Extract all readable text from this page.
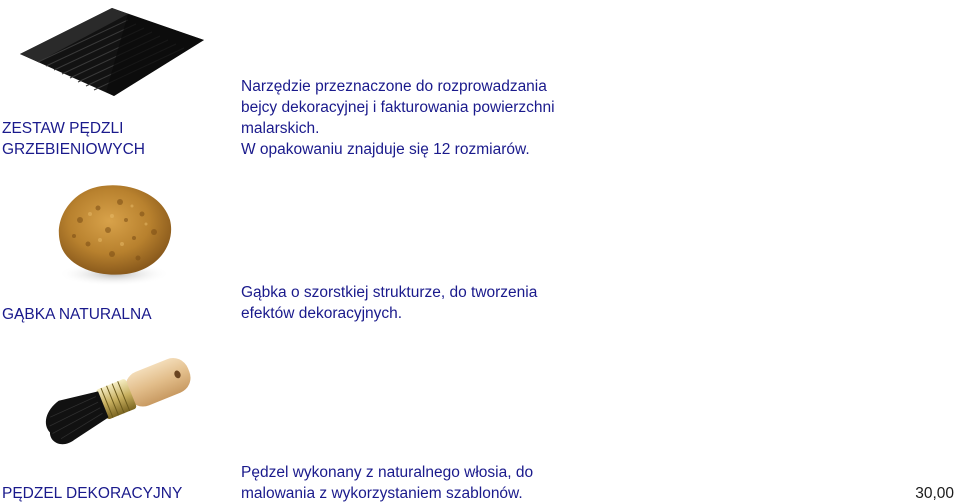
ZESTAW PĘDZLI
GRZEBIENIOWYCH
Narzędzie przeznaczone do rozprowadzania
bejcy dekoracyjnej i fakturowania powierzchni
malarskich.
W opakowaniu znajduje się 12 rozmiarów.
GĄBKA NATURALNA
Gąbka o szorstkiej strukturze, do tworzenia
efektów dekoracyjnych.
PĘDZEL DEKORACYJNY
Pędzel wykonany z naturalnego włosia, do
malowania z wykorzystaniem szablonów.	30,00
